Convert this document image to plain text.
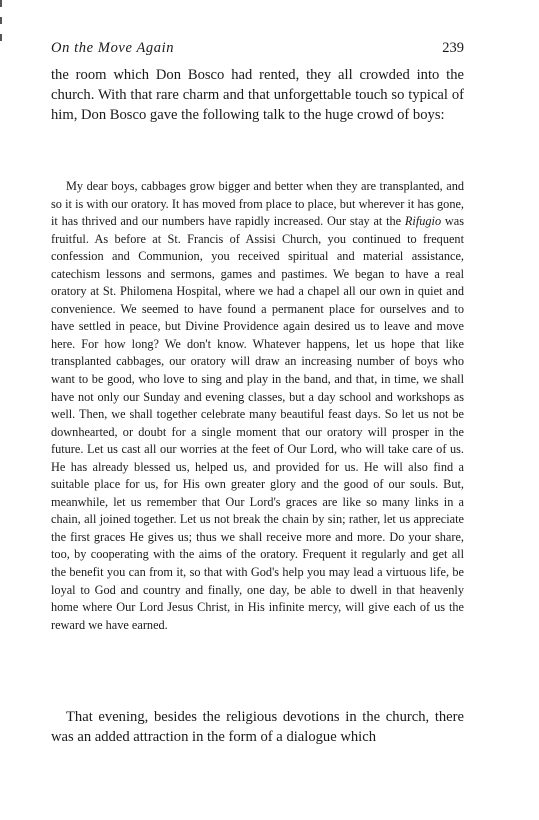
On the Move Again	239

the room which Don Bosco had rented, they all crowded into the church. With that rare charm and that unforgettable touch so typical of him, Don Bosco gave the following talk to the huge crowd of boys:

My dear boys, cabbages grow bigger and better when they are transplanted, and so it is with our oratory. It has moved from place to place, but wherever it has gone, it has thrived and our numbers have rapidly increased. Our stay at the Rifugio was fruitful. As before at St. Francis of Assisi Church, you continued to frequent confession and Communion, you received spiritual and material assistance, catechism lessons and sermons, games and pastimes. We began to have a real oratory at St. Philomena Hospital, where we had a chapel all our own in quiet and convenience. We seemed to have found a permanent place for ourselves and to have settled in peace, but Divine Providence again desired us to leave and move here. For how long? We don't know. Whatever happens, let us hope that like transplanted cabbages, our oratory will draw an increasing number of boys who want to be good, who love to sing and play in the band, and that, in time, we shall have not only our Sunday and evening classes, but a day school and workshops as well. Then, we shall together celebrate many beautiful feast days. So let us not be downhearted, or doubt for a single moment that our oratory will prosper in the future. Let us cast all our worries at the feet of Our Lord, who will take care of us. He has already blessed us, helped us, and provided for us. He will also find a suitable place for us, for His own greater glory and the good of our souls. But, meanwhile, let us remember that Our Lord's graces are like so many links in a chain, all joined together. Let us not break the chain by sin; rather, let us appreciate the first graces He gives us; thus we shall receive more and more. Do your share, too, by cooperating with the aims of the oratory. Frequent it regularly and get all the benefit you can from it, so that with God's help you may lead a virtuous life, be loyal to God and country and finally, one day, be able to dwell in that heavenly home where Our Lord Jesus Christ, in His infinite mercy, will give each of us the reward we have earned.

That evening, besides the religious devotions in the church, there was an added attraction in the form of a dialogue which
